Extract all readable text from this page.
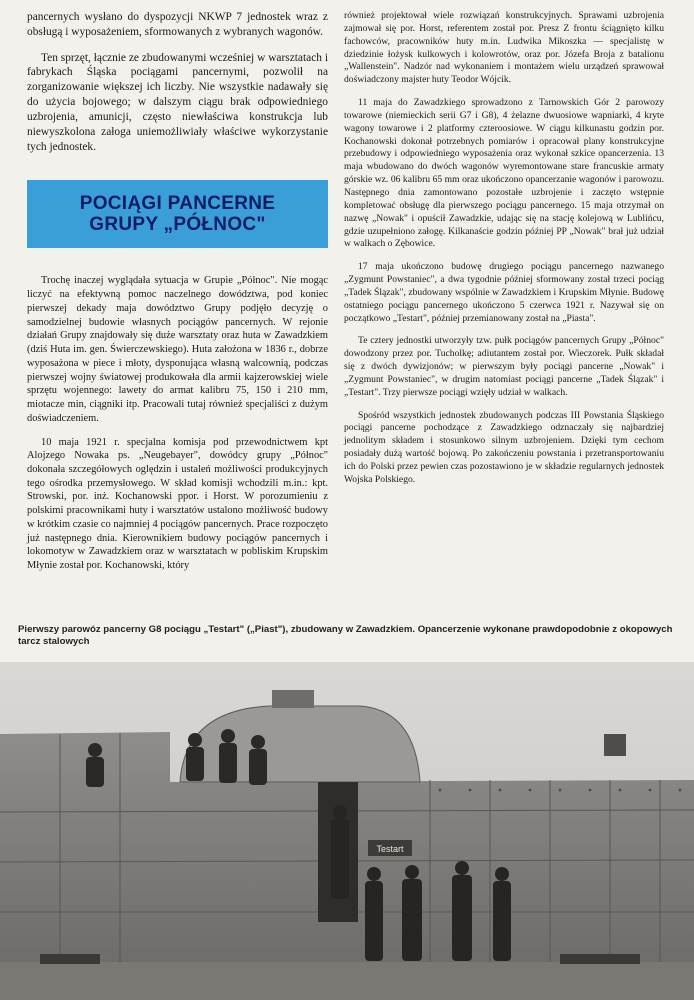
pancernych wysłano do dyspozycji NKWP 7 jednostek wraz z obsługą i wyposażeniem, sformowanych z wybranych wagonów.

Ten sprzęt, łącznie ze zbudowanymi wcześniej w warsztatach i fabrykach Śląska pociągami pancernymi, pozwolił na zorganizowanie większej ich liczby. Nie wszystkie nadawały się do użycia bojowego; w dalszym ciągu brak odpowiedniego uzbrojenia, amunicji, często niewłaściwa konstrukcja lub niewyszkolona załoga uniemożliwiały właściwe wykorzystanie tych jednostek.

POCIĄGI PANCERNE
GRUPY „PÓŁNOC"

Trochę inaczej wyglądała sytuacja w Grupie „Północ". Nie mogąc liczyć na efektywną pomoc naczelnego dowództwa, pod koniec pierwszej dekady maja dowództwo Grupy podjęło decyzję o samodzielnej budowie własnych pociągów pancernych. W rejonie działań Grupy znajdowały się duże warsztaty oraz huta w Zawadzkiem (dziś Huta im. gen. Świerczewskiego). Huta założona w 1836 r., dobrze wyposażona w piece i młoty, dysponująca własną walcownią, podczas pierwszej wojny światowej produkowała dla armii kajzerowskiej wiele sprzętu wojennego: lawety do armat kalibru 75, 150 i 210 mm, miotacze min, ciągniki itp. Pracowali tutaj również specjaliści z dużym doświadczeniem.

10 maja 1921 r. specjalna komisja pod przewodnictwem kpt Alojzego Nowaka ps. „Neugebayer", dowódcy grupy „Północ" dokonała szczegółowych oględzin i ustaleń możliwości produkcyjnych tego ośrodka przemysłowego. W skład komisji wchodzili m.in.: kpt. Strowski, por. inż. Kochanowski ppor. i Horst. W porozumieniu z polskimi pracownikami huty i warsztatów ustalono możliwość budowy w krótkim czasie co najmniej 4 pociągów pancernych. Prace rozpoczęto już następnego dnia. Kierownikiem budowy pociągów pancernych i lokomotyw w Zawadzkiem oraz w warsztatach w pobliskim Krupskim Młynie został por. Kochanowski, który

również projektował wiele rozwiązań konstrukcyjnych. Sprawami uzbrojenia zajmował się por. Horst, referentem został por. Presz Z frontu ściągnięto kilku fachowców, pracowników huty m.in. Ludwika Mikoszka — specjalistę w dziedzinie łożysk kulkowych i kolowrotów, oraz por. Józefa Broja z batalionu „Wallenstein". Nadzór nad wykonaniem i montażem wielu urządzeń sprawował doświadczony majster huty Teodor Wójcik.

11 maja do Zawadzkiego sprowadzono z Tarnowskich Gór 2 parowozy towarowe (niemieckich serii G7 i G8), 4 żelazne dwuosiowe wapniarki, 4 kryte wagony towarowe i 2 platformy czteroosiowe. W ciągu kilkunastu godzin por. Kochanowski dokonał potrzebnych pomiarów i opracował plany konstrukcyjne przebudowy i odpowiedniego wyposażenia oraz wykonał szkice opancerzenia. 13 maja wbudowano do dwóch wagonów wyremontowane stare francuskie armaty górskie wz. 06 kalibru 65 mm oraz ukończono opancerzanie wagonów i parowozu. Następnego dnia zamontowano pozostałe uzbrojenie i zaczęto wstępnie kompletować obsługę dla pierwszego pociągu pancernego. 15 maja otrzymał on nazwę „Nowak" i opuścił Zawadzkie, udając się na stację kolejową w Lublińcu, gdzie uzupełniono załogę. Kilkanaście godzin później PP „Nowak" brał już udział w walkach o Zębowice.

17 maja ukończono budowę drugiego pociągu pancernego nazwanego „Zygmunt Powstaniec", a dwa tygodnie później sformowany został trzeci pociąg „Tadek Ślązak", zbudowany wspólnie w Zawadzkiem i Krupskim Młynie. Budowę ostatniego pociągu pancernego ukończono 5 czerwca 1921 r. Nazywał się on początkowo „Testart", później przemianowany został na „Piasta".

Te cztery jednostki utworzyły tzw. pułk pociągów pancernych Grupy „Północ" dowodzony przez por. Tucholkę; adiutantem został por. Wieczorek. Pułk składał się z dwóch dywizjonów; w pierwszym były pociągi pancerne „Nowak" i „Zygmunt Powstaniec", w drugim natomiast pociągi pancerne „Tadek Ślązak" i „Testart". Trzy pierwsze pociągi wzięły udział w walkach.

Spośród wszystkich jednostek zbudowanych podczas III Powstania Śląskiego pociągi pancerne pochodzące z Zawadzkiego odznaczały się najbardziej jednolitym składem i stosunkowo silnym uzbrojeniem. Dzięki tym cechom posiadały dużą wartość bojową. Po zakończeniu powstania i przetransportowaniu ich do Polski przez pewien czas pozostawiono je w składzie regularnych jednostek Wojska Polskiego.

Pierwszy parowóz pancerny G8 pociągu „Testart" („Piast"), zbudowany w Zawadzkiem. Opancerzenie wykonane prawdopodobnie z okopowych tarcz stalowych
Testart
